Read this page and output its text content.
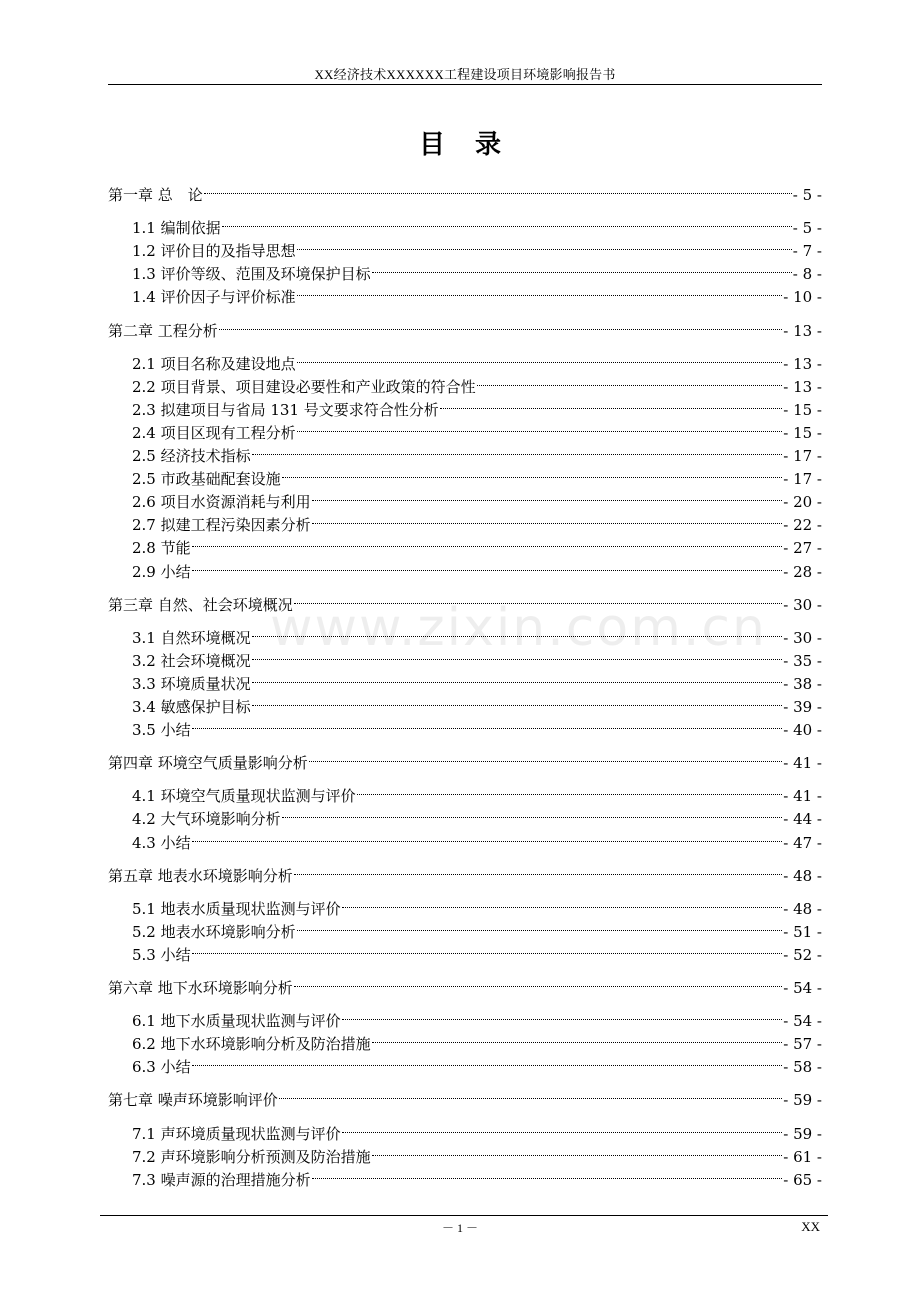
XX经济技术XXXXXX工程建设项目环境影响报告书
目录
www.zixin.com.cn
第一章 总　论	- 5 -
1.1 编制依据	- 5 -
1.2 评价目的及指导思想	- 7 -
1.3 评价等级、范围及环境保护目标	- 8 -
1.4 评价因子与评价标准	- 10 -
第二章 工程分析	- 13 -
2.1 项目名称及建设地点	- 13 -
2.2 项目背景、项目建设必要性和产业政策的符合性	- 13 -
2.3 拟建项目与省局 131 号文要求符合性分析	- 15 -
2.4 项目区现有工程分析	- 15 -
2.5 经济技术指标	- 17 -
2.5 市政基础配套设施	- 17 -
2.6 项目水资源消耗与利用	- 20 -
2.7 拟建工程污染因素分析	- 22 -
2.8 节能	- 27 -
2.9 小结	- 28 -
第三章 自然、社会环境概况	- 30 -
3.1 自然环境概况	- 30 -
3.2 社会环境概况	- 35 -
3.3 环境质量状况	- 38 -
3.4 敏感保护目标	- 39 -
3.5 小结	- 40 -
第四章 环境空气质量影响分析	- 41 -
4.1 环境空气质量现状监测与评价	- 41 -
4.2 大气环境影响分析	- 44 -
4.3 小结	- 47 -
第五章 地表水环境影响分析	- 48 -
5.1 地表水质量现状监测与评价	- 48 -
5.2 地表水环境影响分析	- 51 -
5.3 小结	- 52 -
第六章 地下水环境影响分析	- 54 -
6.1 地下水质量现状监测与评价	- 54 -
6.2 地下水环境影响分析及防治措施	- 57 -
6.3 小结	- 58 -
第七章 噪声环境影响评价	- 59 -
7.1 声环境质量现状监测与评价	- 59 -
7.2 声环境影响分析预测及防治措施	- 61 -
7.3 噪声源的治理措施分析	- 65 -
－ 1 －	XX
